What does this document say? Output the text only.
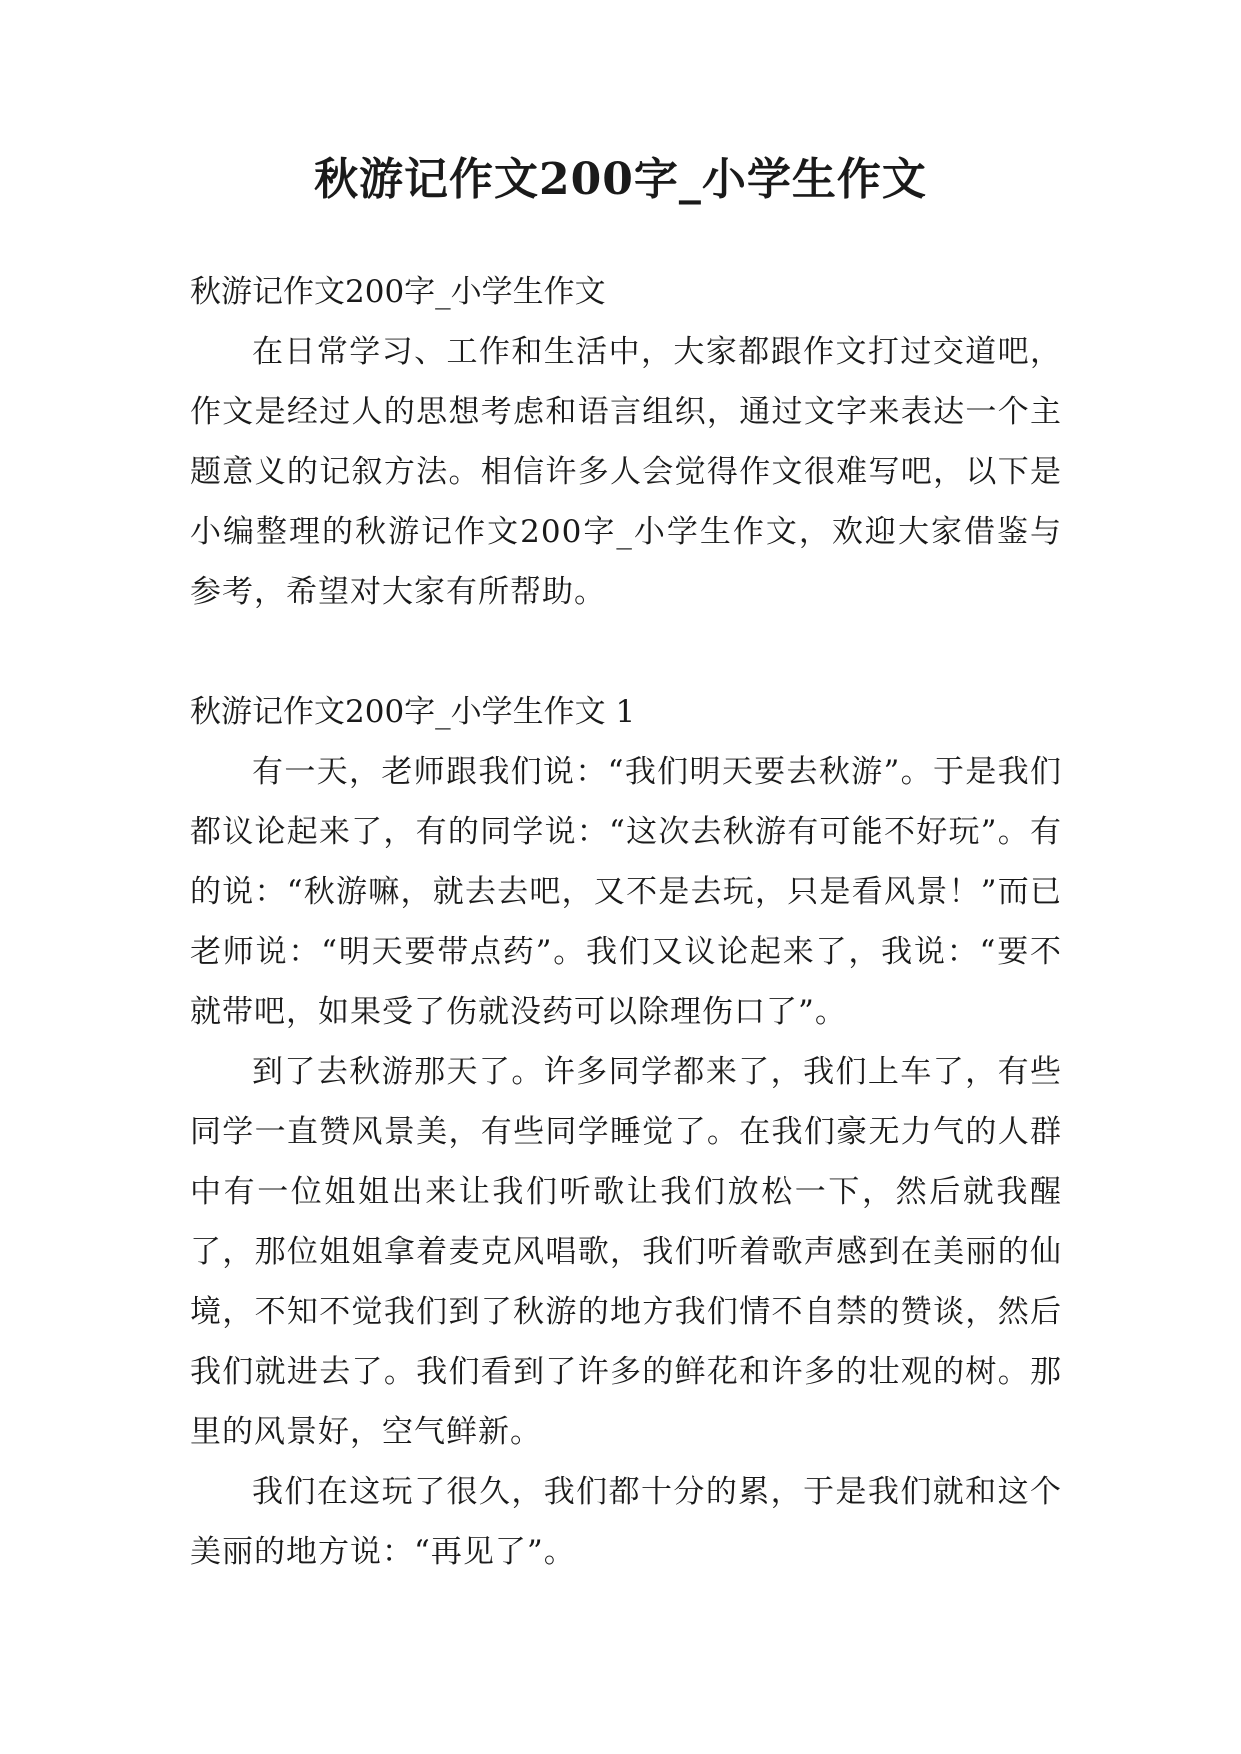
秋游记作文200字_小学生作文

秋游记作文200字_小学生作文

在日常学习、工作和生活中，大家都跟作文打过交道吧，作文是经过人的思想考虑和语言组织，通过文字来表达一个主题意义的记叙方法。相信许多人会觉得作文很难写吧，以下是小编整理的秋游记作文200字_小学生作文，欢迎大家借鉴与参考，希望对大家有所帮助。

秋游记作文200字_小学生作文 1

有一天，老师跟我们说：“我们明天要去秋游”。于是我们都议论起来了，有的同学说：“这次去秋游有可能不好玩”。有的说：“秋游嘛，就去去吧，又不是去玩，只是看风景！”而已老师说：“明天要带点药”。我们又议论起来了，我说：“要不就带吧，如果受了伤就没药可以除理伤口了”。

到了去秋游那天了。许多同学都来了，我们上车了，有些同学一直赞风景美，有些同学睡觉了。在我们豪无力气的人群中有一位姐姐出来让我们听歌让我们放松一下，然后就我醒了，那位姐姐拿着麦克风唱歌，我们听着歌声感到在美丽的仙境，不知不觉我们到了秋游的地方我们情不自禁的赞谈，然后我们就进去了。我们看到了许多的鲜花和许多的壮观的树。那里的风景好，空气鲜新。

我们在这玩了很久，我们都十分的累，于是我们就和这个美丽的地方说：“再见了”。
